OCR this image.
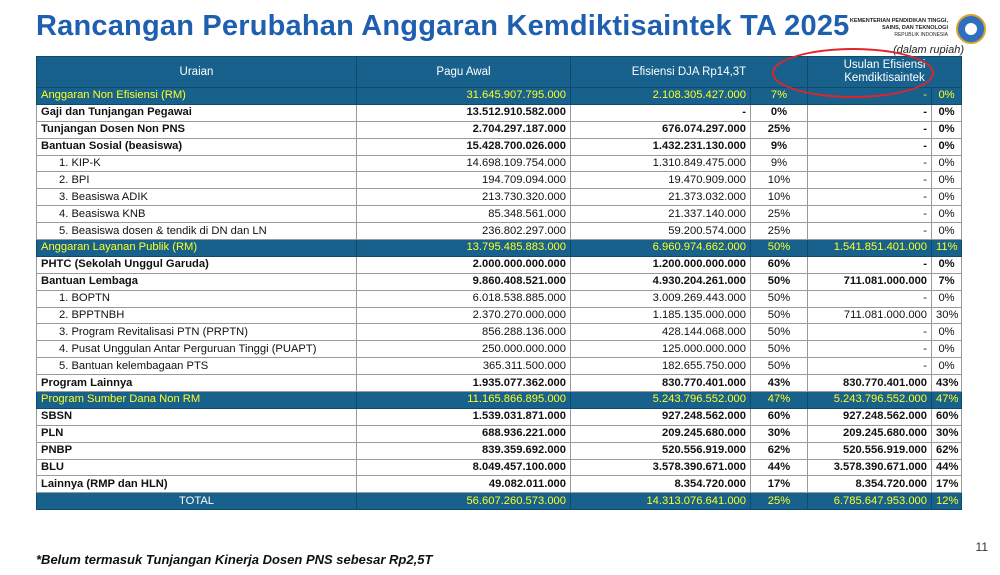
Rancangan Perubahan Anggaran Kemdiktisaintek TA 2025 KEMENTERIAN PENDIDIKAN TINGGI,
SAINS, DAN TEKNOLOGI
REPUBLIK INDONESIA
(dalam rupiah)
Uraian	Pagu Awal	Efisiensi DJA Rp14,3T		Usulan Efisiensi
Kemdiktisaintek	

Anggaran Non Efisiensi (RM)	31.645.907.795.000	2.108.305.427.000	7%	-	0%
Gaji dan Tunjangan Pegawai	13.512.910.582.000	-	0%	-	0%
Tunjangan Dosen Non PNS	2.704.297.187.000	676.074.297.000	25%	-	0%
Bantuan Sosial (beasiswa)	15.428.700.026.000	1.432.231.130.000	9%	-	0%
1. KIP-K	14.698.109.754.000	1.310.849.475.000	9%	-	0%
2. BPI	194.709.094.000	19.470.909.000	10%	-	0%
3. Beasiswa ADIK	213.730.320.000	21.373.032.000	10%	-	0%
4. Beasiswa KNB	85.348.561.000	21.337.140.000	25%	-	0%
5. Beasiswa dosen & tendik di DN dan LN	236.802.297.000	59.200.574.000	25%	-	0%
Anggaran Layanan Publik (RM)	13.795.485.883.000	6.960.974.662.000	50%	1.541.851.401.000	11%
PHTC (Sekolah Unggul Garuda)	2.000.000.000.000	1.200.000.000.000	60%	-	0%
Bantuan Lembaga	9.860.408.521.000	4.930.204.261.000	50%	711.081.000.000	7%
1. BOPTN	6.018.538.885.000	3.009.269.443.000	50%	-	0%
2. BPPTNBH	2.370.270.000.000	1.185.135.000.000	50%	711.081.000.000	30%
3. Program Revitalisasi PTN (PRPTN)	856.288.136.000	428.144.068.000	50%	-	0%
4. Pusat Unggulan Antar Perguruan Tinggi (PUAPT)	250.000.000.000	125.000.000.000	50%	-	0%
5. Bantuan kelembagaan PTS	365.311.500.000	182.655.750.000	50%	-	0%
Program Lainnya	1.935.077.362.000	830.770.401.000	43%	830.770.401.000	43%
Program Sumber Dana Non RM	11.165.866.895.000	5.243.796.552.000	47%	5.243.796.552.000	47%
SBSN	1.539.031.871.000	927.248.562.000	60%	927.248.562.000	60%
PLN	688.936.221.000	209.245.680.000	30%	209.245.680.000	30%
PNBP	839.359.692.000	520.556.919.000	62%	520.556.919.000	62%
BLU	8.049.457.100.000	3.578.390.671.000	44%	3.578.390.671.000	44%
Lainnya (RMP dan HLN)	49.082.011.000	8.354.720.000	17%	8.354.720.000	17%
TOTAL	56.607.260.573.000	14.313.076.641.000	25%	6.785.647.953.000	12%
*Belum termasuk Tunjangan Kinerja Dosen PNS sebesar Rp2,5T
11
